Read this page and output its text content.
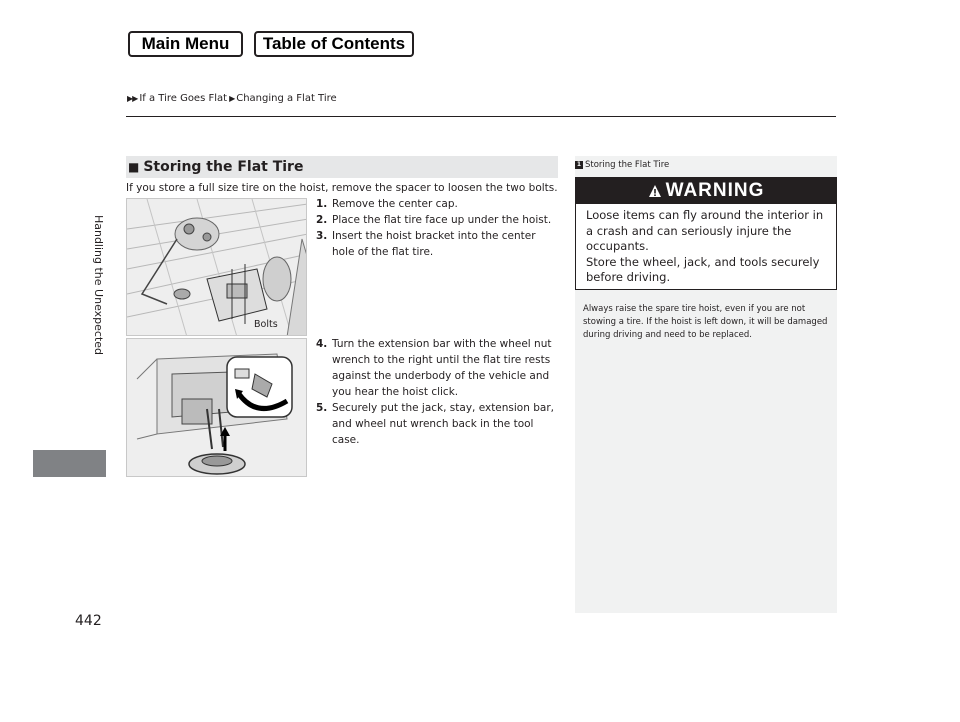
Main Menu	Table of Contents
▶▶ If a Tire Goes Flat ▶ Changing a Flat Tire
Handling the Unexpected
442
■ Storing the Flat Tire
If you store a full size tire on the hoist, remove the spacer to loosen the two bolts.
Bolts
1. Remove the center cap.
2. Place the flat tire face up under the hoist.
3. Insert the hoist bracket into the center hole of the flat tire.
4. Turn the extension bar with the wheel nut wrench to the right until the flat tire rests against the underbody of the vehicle and you hear the hoist click.
5. Securely put the jack, stay, extension bar, and wheel nut wrench back in the tool case.
1 Storing the Flat Tire
WARNING
Loose items can fly around the interior in a crash and can seriously injure the occupants.
Store the wheel, jack, and tools securely before driving.
Always raise the spare tire hoist, even if you are not stowing a tire. If the hoist is left down, it will be damaged during driving and need to be replaced.
